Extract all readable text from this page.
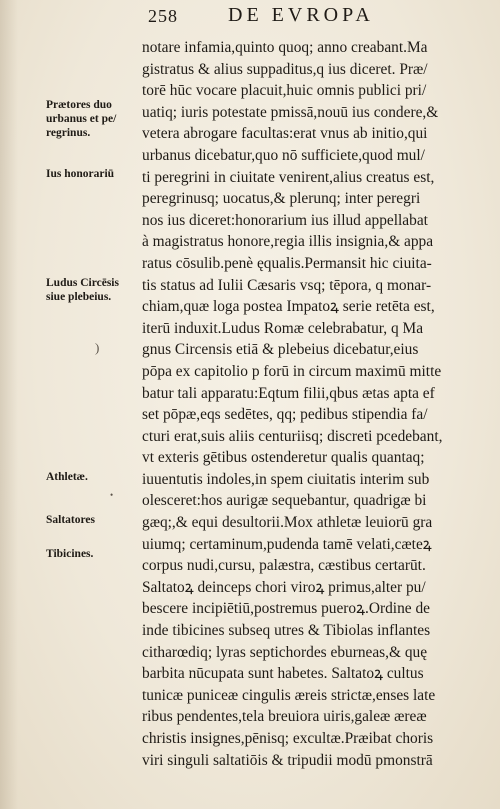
258	DE EVROPA
notare infamia,quinto quoq; anno creabant.Ma
gistratus & alius suppaditus,q ius diceret. Præ/
torē hūc vocare placuit,huic omnis publici pri/
uatiq; iuris potestate pmissā,nouū ius condere,&
vetera abrogare facultas:erat vnus ab initio,qui
urbanus dicebatur,quo nō sufficiete,quod mul/
ti peregrini in ciuitate venirent,alius creatus est,
peregrinusq; uocatus,& plerunq; inter peregri
nos ius diceret:honorarium ius illud appellabat
à magistratus honore,regia illis insignia,& appa
ratus cōsulib.penè ęqualis.Permansit hic ciuita-
tis status ad Iulii Cæsaris vsq; tēpora, q monar-
chiam,quæ loga postea Impatoꝝ serie retēta est,
iterū induxit.Ludus Romæ celebrabatur, q Ma
gnus Circensis etiā & plebeius dicebatur,eius
pōpa ex capitolio p forū in circum maximū mitte
batur tali apparatu:Eqtum filii,qbus ætas apta ef
set pōpæ,eqs sedētes, qq; pedibus stipendia fa/
cturi erat,suis aliis centuriisq; discreti pcedebant,
vt exteris gētibus ostenderetur qualis quantaq;
iuuentutis indoles,in spem ciuitatis interim sub
olesceret:hos aurigæ sequebantur, quadrigæ bi
gæq;,& equi desultorii.Mox athletæ leuiorū gra
uiumq; certaminum,pudenda tamē velati,cæteꝝ
corpus nudi,cursu, palæstra, cæstibus certarūt.
Saltatoꝝ deinceps chori viroꝝ primus,alter pu/
bescere incipiētiū,postremus pueroꝝ.Ordine de
inde tibicines subseq utres & Tibiolas inflantes
citharœdiq; lyras septichordes eburneas,& quę
barbita nūcupata sunt habetes. Saltatoꝝ cultus
tunicæ puniceæ cingulis æreis strictæ,enses late
ribus pendentes,tela breuiora uiris,galeæ æreæ
christis insignes,pēnisq; excultæ.Præibat choris
viri singuli saltatiōis & tripudii modū pmonstrā
Prætores duo
urbanus et pe/
regrinus.
Ius honorariū
Ludus Circēsis
siue plebeius.
Athletæ.
Saltatores
Tibicines.
)
•
